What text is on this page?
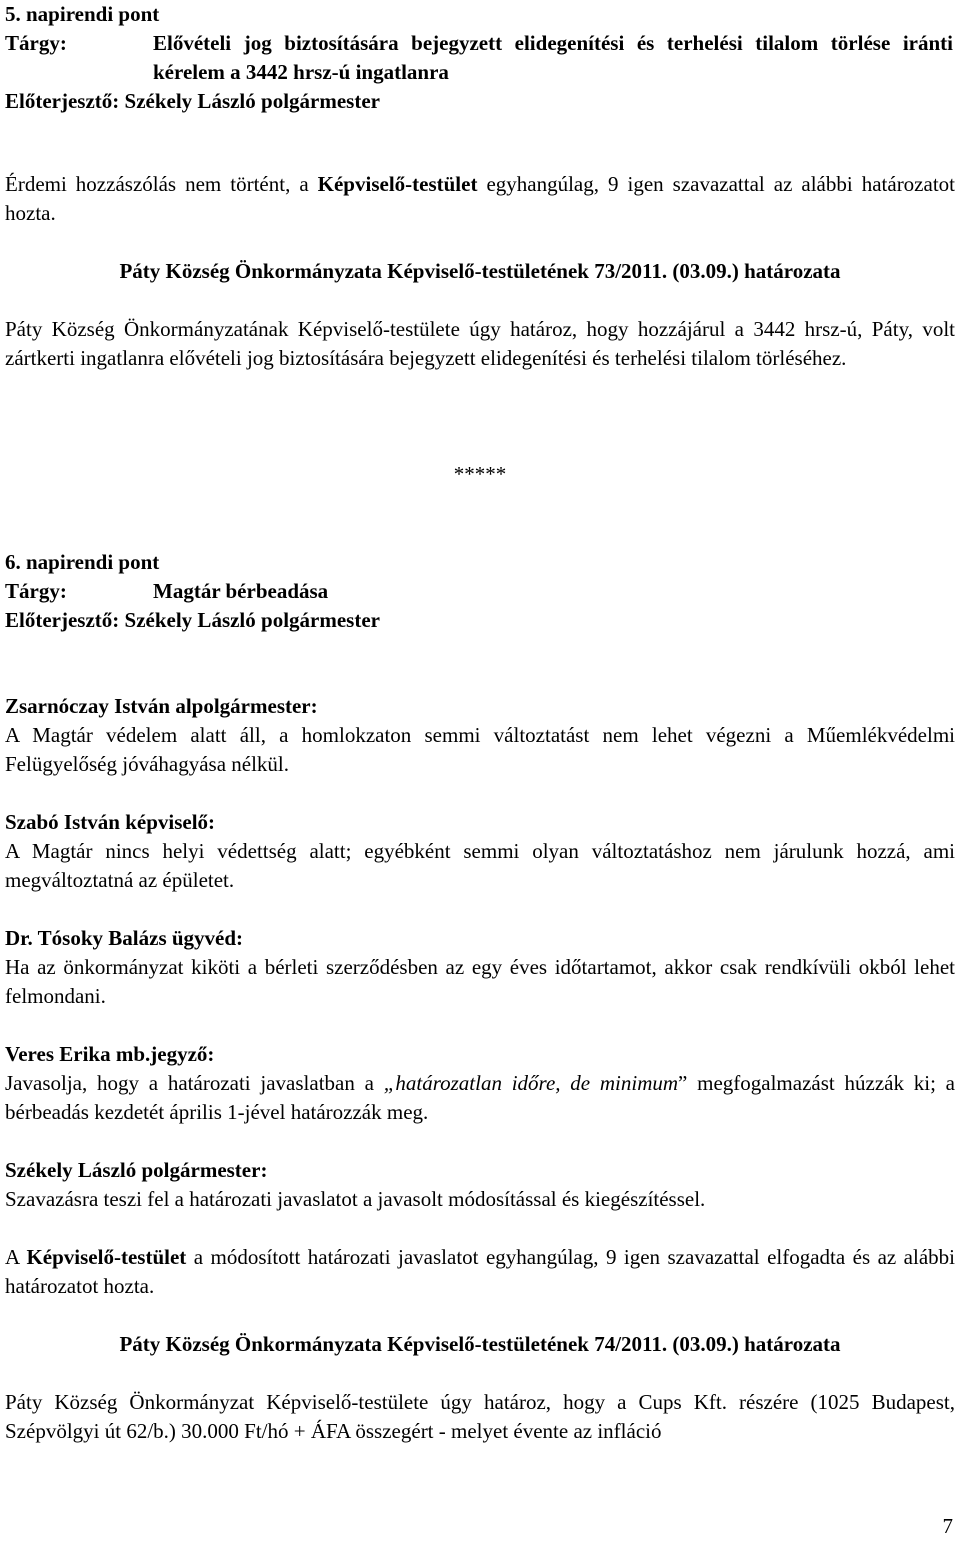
5. napirendi pont

Tárgy:	Elővételi jog biztosítására bejegyzett elidegenítési és terhelési tilalom törlése iránti kérelem a 3442 hrsz-ú ingatlanra
Előterjesztő: Székely László polgármester
Érdemi hozzászólás nem történt, a Képviselő-testület egyhangúlag, 9 igen szavazattal az alábbi határozatot hozta.
Páty Község Önkormányzata Képviselő-testületének 73/2011. (03.09.) határozata
Páty Község Önkormányzatának Képviselő-testülete úgy határoz, hogy hozzájárul a 3442 hrsz-ú, Páty, volt zártkerti ingatlanra elővételi jog biztosítására bejegyzett elidegenítési és terhelési tilalom törléséhez.
*****

6. napirendi pont

Tárgy:	Magtár bérbeadása
Előterjesztő: Székely László polgármester

Zsarnóczay István alpolgármester:

A Magtár védelem alatt áll, a homlokzaton semmi változtatást nem lehet végezni a Műemlékvédelmi Felügyelőség jóváhagyása nélkül.

Szabó István képviselő:

A Magtár nincs helyi védettség alatt; egyébként semmi olyan változtatáshoz nem járulunk hozzá, ami megváltoztatná az épületet.

Dr. Tósoky Balázs ügyvéd:

Ha az önkormányzat kiköti a bérleti szerződésben az egy éves időtartamot, akkor csak rendkívüli okból lehet felmondani.

Veres Erika mb.jegyző:

Javasolja, hogy a határozati javaslatban a „határozatlan időre, de minimum” megfogalmazást húzzák ki; a bérbeadás kezdetét április 1-jével határozzák meg.

Székely László polgármester:

Szavazásra teszi fel a határozati javaslatot a javasolt módosítással és kiegészítéssel.

A Képviselő-testület a módosított határozati javaslatot egyhangúlag, 9 igen szavazattal elfogadta és az alábbi határozatot hozta.
Páty Község Önkormányzata Képviselő-testületének 74/2011. (03.09.) határozata
Páty Község Önkormányzat Képviselő-testülete úgy határoz, hogy a Cups Kft. részére (1025 Budapest, Szépvölgyi út 62/b.) 30.000 Ft/hó + ÁFA összegért - melyet évente az infláció
7
